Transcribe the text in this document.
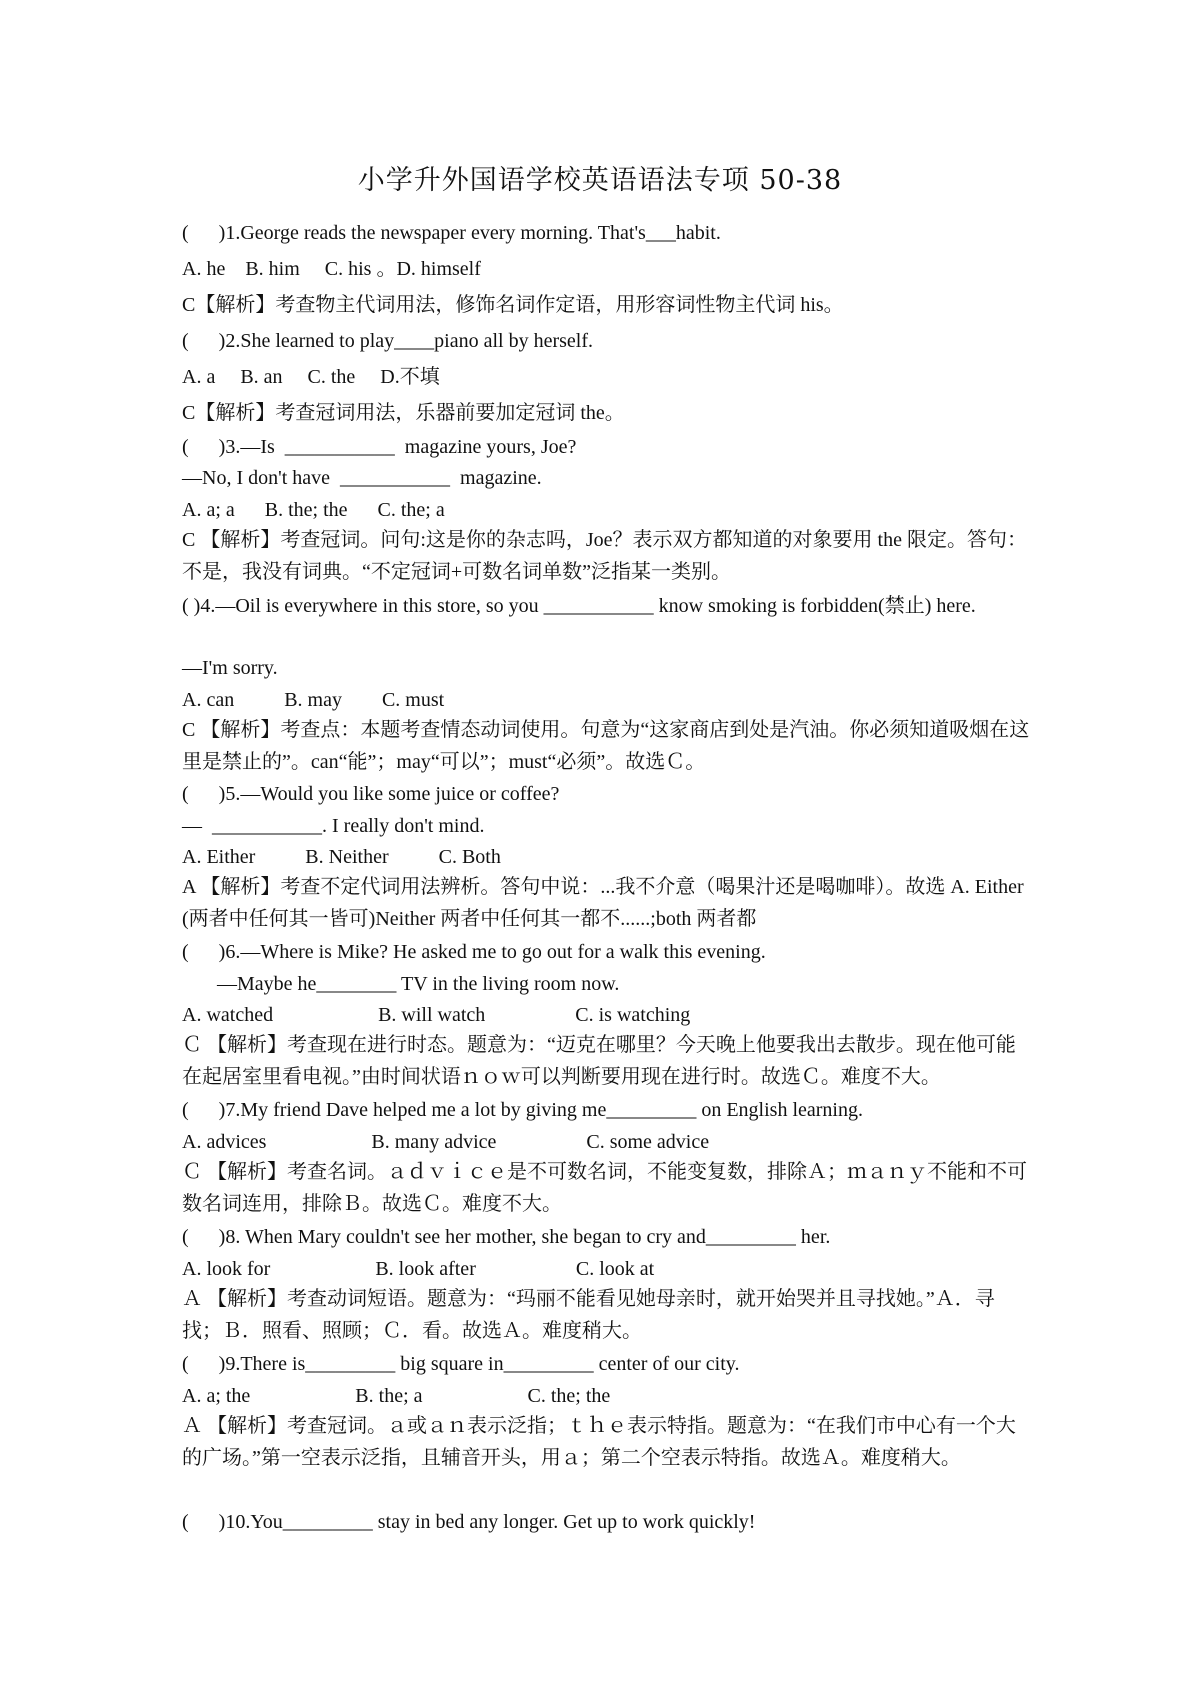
小学升外国语学校英语语法专项 50-38
(      )1.George reads the newspaper every morning. That's___habit.
A. he    B. him     C. his 。D. himself
C【解析】考查物主代词用法，修饰名词作定语，用形容词性物主代词 his。
(      )2.She learned to play____piano all by herself.
A. a     B. an     C. the     D.不填
C【解析】考查冠词用法，乐器前要加定冠词 the。
(      )3.—Is  ___________  magazine yours, Joe?
—No, I don't have  ___________  magazine.
A. a; a      B. the; the      C. the; a
C 【解析】考查冠词。问句:这是你的杂志吗，Joe？表示双方都知道的对象要用 the 限定。答句：不是，我没有词典。“不定冠词+可数名词单数”泛指某一类别。
( )4.—Oil is everywhere in this store, so you ___________ know smoking is forbidden(禁止) here.
—I'm sorry.
A. can          B. may        C. must
C 【解析】考查点：本题考查情态动词使用。句意为“这家商店到处是汽油。你必须知道吸烟在这里是禁止的”。can“能”；may“可以”；must“必须”。故选Ｃ。
(      )5.—Would you like some juice or coffee?
—  ___________. I really don't mind.
A. Either          B. Neither          C. Both
A 【解析】考查不定代词用法辨析。答句中说：...我不介意（喝果汁还是喝咖啡）。故选 A. Either (两者中任何其一皆可)Neither 两者中任何其一都不......;both 两者都
(      )6.—Where is Mike? He asked me to go out for a walk this evening.
—Maybe he________ TV in the living room now.
A. watched                     B. will watch                  C. is watching
Ｃ 【解析】考查现在进行时态。题意为：“迈克在哪里？今天晚上他要我出去散步。现在他可能在起居室里看电视。”由时间状语ｎｏｗ可以判断要用现在进行时。故选Ｃ。难度不大。
(      )7.My friend Dave helped me a lot by giving me_________ on English learning.
A. advices                     B. many advice                  C. some advice
Ｃ 【解析】考查名词。ａｄｖｉｃｅ是不可数名词，不能变复数，排除Ａ；ｍａｎｙ不能和不可数名词连用，排除Ｂ。故选Ｃ。难度不大。
(      )8. When Mary couldn't see her mother, she began to cry and_________ her.
A. look for                     B. look after                    C. look at
Ａ 【解析】考查动词短语。题意为：“玛丽不能看见她母亲时，就开始哭并且寻找她。”Ａ．寻找；Ｂ．照看、照顾；Ｃ．看。故选Ａ。难度稍大。
(      )9.There is_________ big square in_________ center of our city.
A. a; the                     B. the; a                     C. the; the
Ａ 【解析】考查冠词。ａ或ａｎ表示泛指；ｔｈｅ表示特指。题意为：“在我们市中心有一个大的广场。”第一空表示泛指，且辅音开头，用ａ；第二个空表示特指。故选Ａ。难度稍大。
(      )10.You_________ stay in bed any longer. Get up to work quickly!
